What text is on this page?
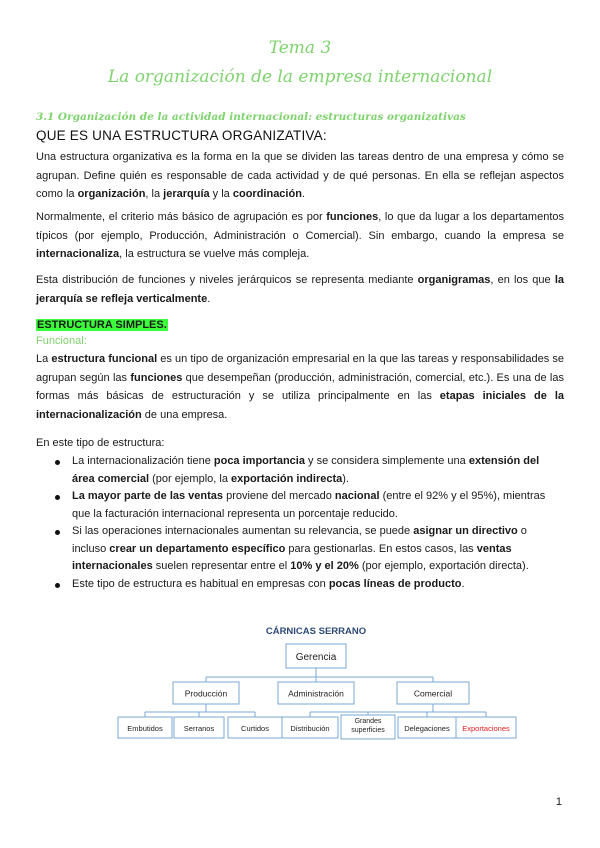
Tema 3
La organización de la empresa internacional
3.1 Organización de la actividad internacional: estructuras organizativas
QUE ES UNA ESTRUCTURA ORGANIZATIVA:
Una estructura organizativa es la forma en la que se dividen las tareas dentro de una empresa y cómo se agrupan. Define quién es responsable de cada actividad y de qué personas. En ella se reflejan aspectos como la organización, la jerarquía y la coordinación.
Normalmente, el criterio más básico de agrupación es por funciones, lo que da lugar a los departamentos típicos (por ejemplo, Producción, Administración o Comercial). Sin embargo, cuando la empresa se internacionaliza, la estructura se vuelve más compleja.
Esta distribución de funciones y niveles jerárquicos se representa mediante organigramas, en los que la jerarquía se refleja verticalmente.
ESTRUCTURA SIMPLES.
Funcional:
La estructura funcional es un tipo de organización empresarial en la que las tareas y responsabilidades se agrupan según las funciones que desempeñan (producción, administración, comercial, etc.). Es una de las formas más básicas de estructuración y se utiliza principalmente en las etapas iniciales de la internacionalización de una empresa.
En este tipo de estructura:
La internacionalización tiene poca importancia y se considera simplemente una extensión del área comercial (por ejemplo, la exportación indirecta).
La mayor parte de las ventas proviene del mercado nacional (entre el 92% y el 95%), mientras que la facturación internacional representa un porcentaje reducido.
Si las operaciones internacionales aumentan su relevancia, se puede asignar un directivo o incluso crear un departamento específico para gestionarlas. En estos casos, las ventas internacionales suelen representar entre el 10% y el 20% (por ejemplo, exportación directa).
Este tipo de estructura es habitual en empresas con pocas líneas de producto.
CÁRNICAS SERRANO
Gerencia
Producción	Administración	Comercial
Embutidos	Serranos	Curtidos	Distribución
Grandes superficies	Delegaciones Exportaciones
1
